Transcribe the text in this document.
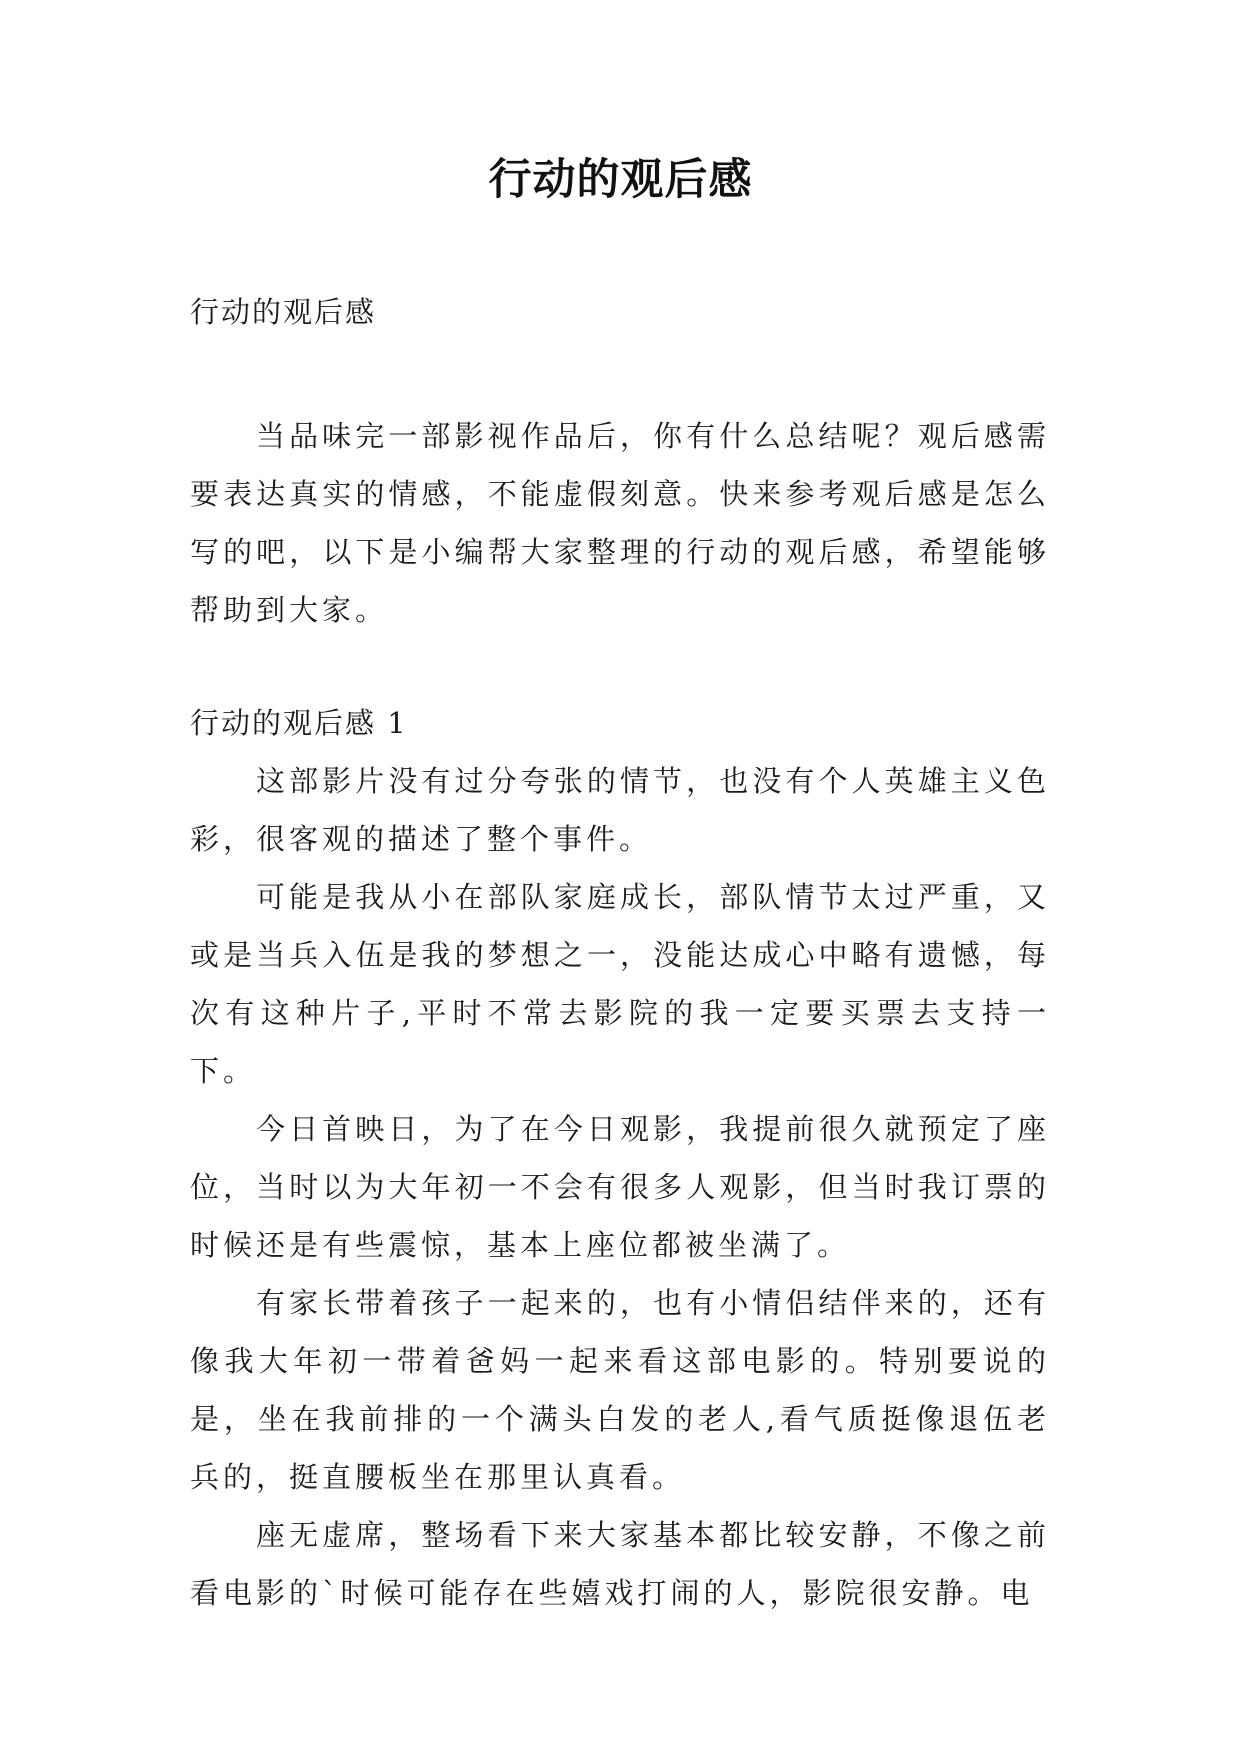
行动的观后感
行动的观后感

当品味完一部影视作品后，你有什么总结呢？观后感需要表达真实的情感，不能虚假刻意。快来参考观后感是怎么写的吧，以下是小编帮大家整理的行动的观后感，希望能够帮助到大家。

行动的观后感 1

这部影片没有过分夸张的情节，也没有个人英雄主义色彩，很客观的描述了整个事件。

可能是我从小在部队家庭成长，部队情节太过严重，又或是当兵入伍是我的梦想之一，没能达成心中略有遗憾，每次有这种片子,平时不常去影院的我一定要买票去支持一下。

今日首映日，为了在今日观影，我提前很久就预定了座位，当时以为大年初一不会有很多人观影，但当时我订票的时候还是有些震惊，基本上座位都被坐满了。

有家长带着孩子一起来的，也有小情侣结伴来的，还有像我大年初一带着爸妈一起来看这部电影的。特别要说的是，坐在我前排的一个满头白发的老人,看气质挺像退伍老兵的，挺直腰板坐在那里认真看。

座无虚席，整场看下来大家基本都比较安静，不像之前看电影的`时候可能存在些嬉戏打闹的人，影院很安静。电
